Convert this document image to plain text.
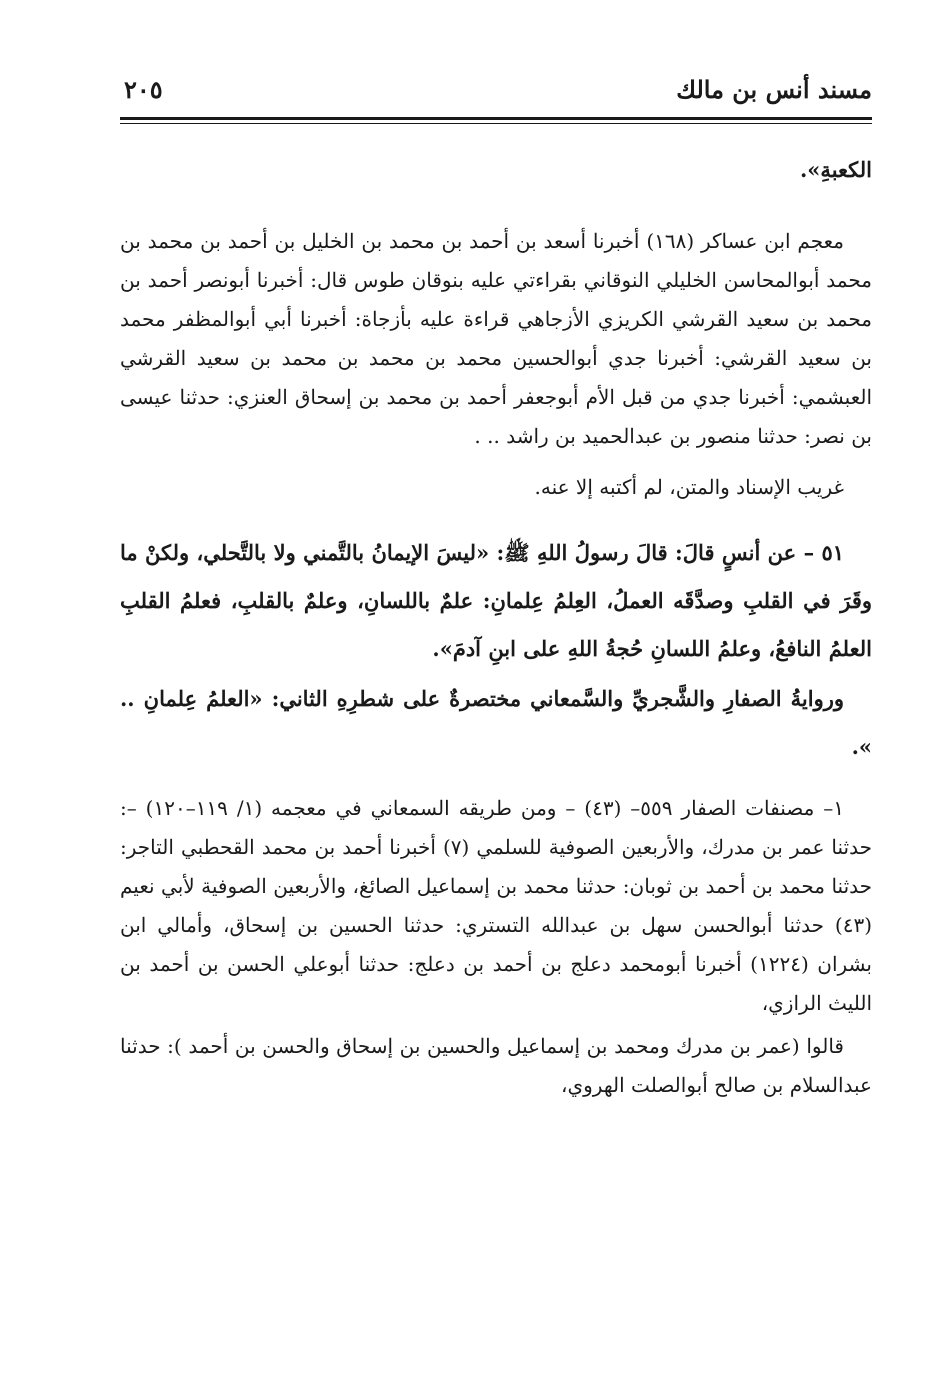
مسند أنس بن مالك
٢٠٥

الكعبةِ».

معجم ابن عساكر (١٦٨) أخبرنا أسعد بن أحمد بن محمد بن الخليل بن أحمد بن محمد بن محمد أبوالمحاسن الخليلي النوقاني بقراءتي عليه بنوقان طوس قال: أخبرنا أبونصر أحمد بن محمد بن سعيد القرشي الكريزي الأزجاهي قراءة عليه بأزجاة: أخبرنا أبي أبوالمظفر محمد بن سعيد القرشي: أخبرنا جدي أبوالحسين محمد بن محمد بن محمد بن سعيد القرشي العبشمي: أخبرنا جدي من قبل الأم أبوجعفر أحمد بن محمد بن إسحاق العنزي: حدثنا عيسى بن نصر: حدثنا منصور بن عبدالحميد بن راشد .. .

غريب الإسناد والمتن، لم أكتبه إلا عنه.

٥١ – عن أنسٍ قالَ: قالَ رسولُ اللهِ ﷺ: «ليسَ الإيمانُ بالتَّمني ولا بالتَّحلي، ولكنْ ما وقَرَ في القلبِ وصدَّقَه العملُ، العِلمُ عِلمانِ: علمٌ باللسانِ، وعلمٌ بالقلبِ، فعلمُ القلبِ العلمُ النافعُ، وعلمُ اللسانِ حُجةُ اللهِ على ابنِ آدمَ».

وروايةُ الصفارِ والشَّجريِّ والسَّمعاني مختصرةٌ على شطرِهِ الثاني: «العلمُ عِلمانِ .. ».

١– مصنفات الصفار ٥٥٩– (٤٣) – ومن طريقه السمعاني في معجمه (١/ ١١٩–١٢٠) –: حدثنا عمر بن مدرك، والأربعين الصوفية للسلمي (٧) أخبرنا أحمد بن محمد القحطبي التاجر: حدثنا محمد بن أحمد بن ثوبان: حدثنا محمد بن إسماعيل الصائغ، والأربعين الصوفية لأبي نعيم (٤٣) حدثنا أبوالحسن سهل بن عبدالله التستري: حدثنا الحسين بن إسحاق، وأمالي ابن بشران (١٢٢٤) أخبرنا أبومحمد دعلج بن أحمد بن دعلج: حدثنا أبوعلي الحسن بن أحمد بن الليث الرازي،

قالوا (عمر بن مدرك ومحمد بن إسماعيل والحسين بن إسحاق والحسن بن أحمد ): حدثنا عبدالسلام بن صالح أبوالصلت الهروي،
